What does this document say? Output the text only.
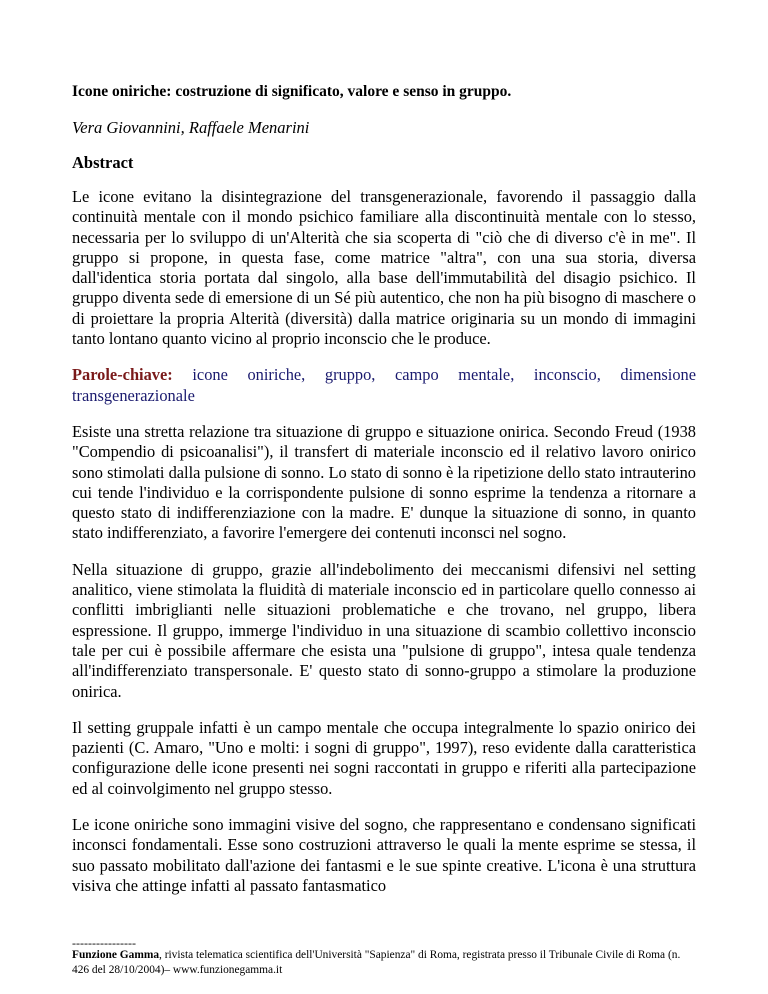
Icone oniriche: costruzione di significato, valore e senso in gruppo.
Vera Giovannini, Raffaele Menarini
Abstract

Le icone evitano la disintegrazione del transgenerazionale, favorendo il passaggio dalla continuità mentale con il mondo psichico familiare alla discontinuità mentale con lo stesso, necessaria per lo sviluppo di un'Alterità che sia scoperta di "ciò che di diverso c'è in me". Il gruppo si propone, in questa fase, come matrice "altra", con una sua storia, diversa dall'identica storia portata dal singolo, alla base dell'immutabilità del disagio psichico. Il gruppo diventa sede di emersione di un Sé più autentico, che non ha più bisogno di maschere o di proiettare la propria Alterità (diversità) dalla matrice originaria su un mondo di immagini tanto lontano quanto vicino al proprio inconscio che le produce.

Parole-chiave: icone oniriche, gruppo, campo mentale, inconscio, dimensione transgenerazionale

Esiste una stretta relazione tra situazione di gruppo e situazione onirica. Secondo Freud (1938 "Compendio di psicoanalisi"), il transfert di materiale inconscio ed il relativo lavoro onirico sono stimolati dalla pulsione di sonno. Lo stato di sonno è la ripetizione dello stato intrauterino cui tende l'individuo e la corrispondente pulsione di sonno esprime la tendenza a ritornare a questo stato di indifferenziazione con la madre. E' dunque la situazione di sonno, in quanto stato indifferenziato, a favorire l'emergere dei contenuti inconsci nel sogno.

Nella situazione di gruppo, grazie all'indebolimento dei meccanismi difensivi nel setting analitico, viene stimolata la fluidità di materiale inconscio ed in particolare quello connesso ai conflitti imbriglianti nelle situazioni problematiche e che trovano, nel gruppo, libera espressione. Il gruppo, immerge l'individuo in una situazione di scambio collettivo inconscio tale per cui è possibile affermare che esista una "pulsione di gruppo", intesa quale tendenza all'indifferenziato transpersonale. E' questo stato di sonno-gruppo a stimolare la produzione onirica.

Il setting gruppale infatti è un campo mentale che occupa integralmente lo spazio onirico dei pazienti (C. Amaro, "Uno e molti: i sogni di gruppo", 1997), reso evidente dalla caratteristica configurazione delle icone presenti nei sogni raccontati in gruppo e riferiti alla partecipazione ed al coinvolgimento nel gruppo stesso.

Le icone oniriche sono immagini visive del sogno, che rappresentano e condensano significati inconsci fondamentali. Esse sono costruzioni attraverso le quali la mente esprime se stessa, il suo passato mobilitato dall'azione dei fantasmi e le sue spinte creative. L'icona è una struttura visiva che attinge infatti al passato fantasmatico

----------------
Funzione Gamma, rivista telematica scientifica dell'Università "Sapienza" di Roma, registrata presso il Tribunale Civile di Roma (n. 426 del 28/10/2004)– www.funzionegamma.it
